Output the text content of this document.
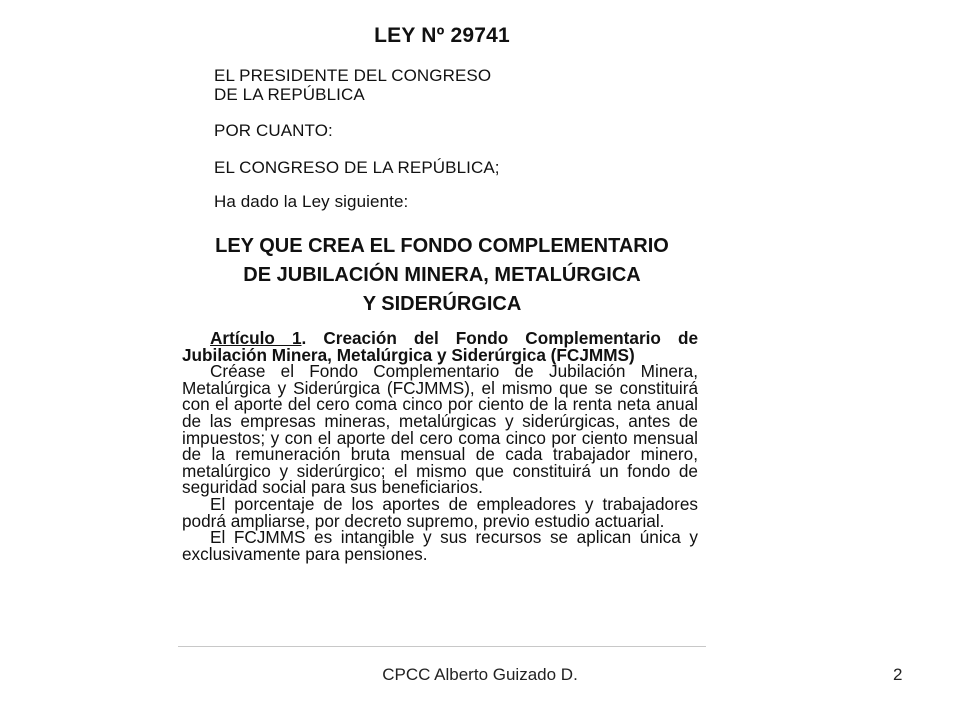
LEY Nº 29741
EL PRESIDENTE DEL CONGRESO
DE LA REPÚBLICA
POR CUANTO:
EL CONGRESO DE LA REPÚBLICA;
Ha dado la Ley siguiente:
LEY QUE CREA EL FONDO COMPLEMENTARIO
DE JUBILACIÓN MINERA, METALÚRGICA
Y SIDERÚRGICA

Artículo 1. Creación del Fondo Complementario de Jubilación Minera, Metalúrgica y Siderúrgica (FCJMMS)

Créase el Fondo Complementario de Jubilación Minera, Metalúrgica y Siderúrgica (FCJMMS), el mismo que se constituirá con el aporte del cero coma cinco por ciento de la renta neta anual de las empresas mineras, metalúrgicas y siderúrgicas, antes de impuestos; y con el aporte del cero coma cinco por ciento mensual de la remuneración bruta mensual de cada trabajador minero, metalúrgico y siderúrgico; el mismo que constituirá un fondo de seguridad social para sus beneficiarios.

El porcentaje de los aportes de empleadores y trabajadores podrá ampliarse, por decreto supremo, previo estudio actuarial.

El FCJMMS es intangible y sus recursos se aplican única y exclusivamente para pensiones.

CPCC Alberto Guizado D.	2
